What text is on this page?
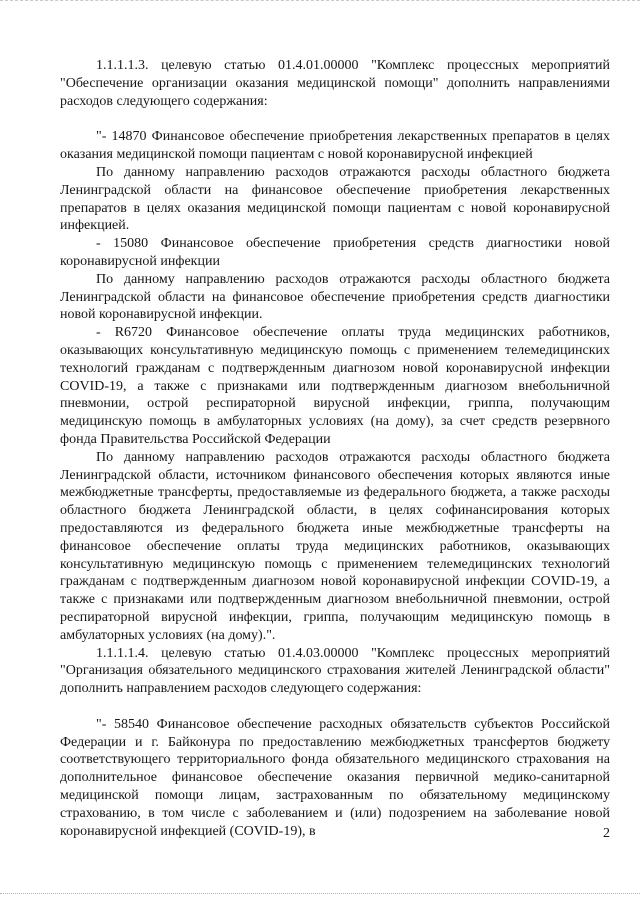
1.1.1.1.3. целевую статью 01.4.01.00000 "Комплекс процессных мероприятий "Обеспечение организации оказания медицинской помощи" дополнить направлениями расходов следующего содержания:

"- 14870 Финансовое обеспечение приобретения лекарственных препаратов в целях оказания медицинской помощи пациентам с новой коронавирусной инфекцией

По данному направлению расходов отражаются расходы областного бюджета Ленинградской области на финансовое обеспечение приобретения лекарственных препаратов в целях оказания медицинской помощи пациентам с новой коронавирусной инфекцией.

- 15080 Финансовое обеспечение приобретения средств диагностики новой коронавирусной инфекции

По данному направлению расходов отражаются расходы областного бюджета Ленинградской области на финансовое обеспечение приобретения средств диагностики новой коронавирусной инфекции.

- R6720 Финансовое обеспечение оплаты труда медицинских работников, оказывающих консультативную медицинскую помощь с применением телемедицинских технологий гражданам с подтвержденным диагнозом новой коронавирусной инфекции COVID-19, а также с признаками или подтвержденным диагнозом внебольничной пневмонии, острой респираторной вирусной инфекции, гриппа, получающим медицинскую помощь в амбулаторных условиях (на дому), за счет средств резервного фонда Правительства Российской Федерации

По данному направлению расходов отражаются расходы областного бюджета Ленинградской области, источником финансового обеспечения которых являются иные межбюджетные трансферты, предоставляемые из федерального бюджета, а также расходы областного бюджета Ленинградской области, в целях софинансирования которых предоставляются из федерального бюджета иные межбюджетные трансферты на финансовое обеспечение оплаты труда медицинских работников, оказывающих консультативную медицинскую помощь с применением телемедицинских технологий гражданам с подтвержденным диагнозом новой коронавирусной инфекции COVID-19, а также с признаками или подтвержденным диагнозом внебольничной пневмонии, острой респираторной вирусной инфекции, гриппа, получающим медицинскую помощь в амбулаторных условиях (на дому).".

1.1.1.1.4. целевую статью 01.4.03.00000 "Комплекс процессных мероприятий "Организация обязательного медицинского страхования жителей Ленинградской области" дополнить направлением расходов следующего содержания:

"- 58540 Финансовое обеспечение расходных обязательств субъектов Российской Федерации и г. Байконура по предоставлению межбюджетных трансфертов бюджету соответствующего территориального фонда обязательного медицинского страхования на дополнительное финансовое обеспечение оказания первичной медико-санитарной медицинской помощи лицам, застрахованным по обязательному медицинскому страхованию, в том числе с заболеванием и (или) подозрением на заболевание новой коронавирусной инфекцией (COVID-19), в	2
